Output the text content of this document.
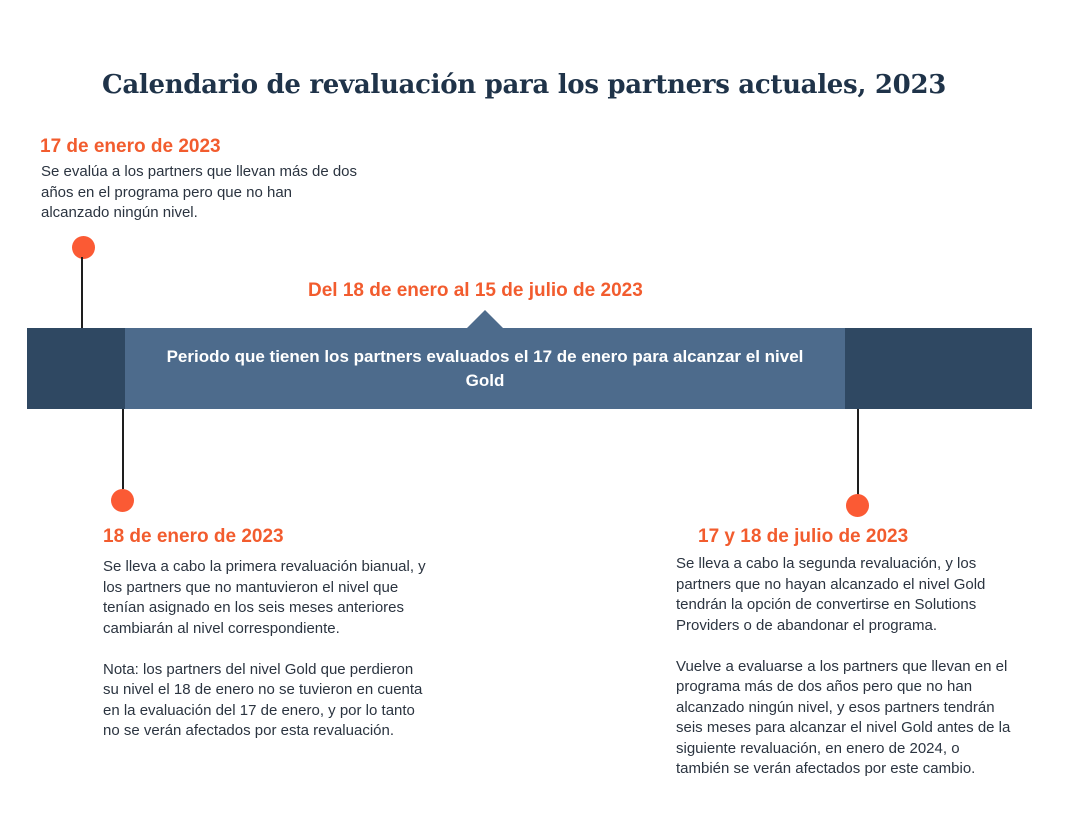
Calendario de revaluación para los partners actuales, 2023
17 de enero de 2023

Se evalúa a los partners que llevan más de dos años en el programa pero que no han alcanzado ningún nivel.

Del 18 de enero al 15 de julio de 2023
Periodo que tienen los partners evaluados el 17 de enero para alcanzar el nivel Gold
18 de enero de 2023

Se lleva a cabo la primera revaluación bianual, y los partners que no mantuvieron el nivel que tenían asignado en los seis meses anteriores cambiarán al nivel correspondiente.

Nota: los partners del nivel Gold que perdieron su nivel el 18 de enero no se tuvieron en cuenta en la evaluación del 17 de enero, y por lo tanto no se verán afectados por esta revaluación.

17 y 18 de julio de 2023

Se lleva a cabo la segunda revaluación, y los partners que no hayan alcanzado el nivel Gold tendrán la opción de convertirse en Solutions Providers o de abandonar el programa.

Vuelve a evaluarse a los partners que llevan en el programa más de dos años pero que no han alcanzado ningún nivel, y esos partners tendrán seis meses para alcanzar el nivel Gold antes de la siguiente revaluación, en enero de 2024, o también se verán afectados por este cambio.
